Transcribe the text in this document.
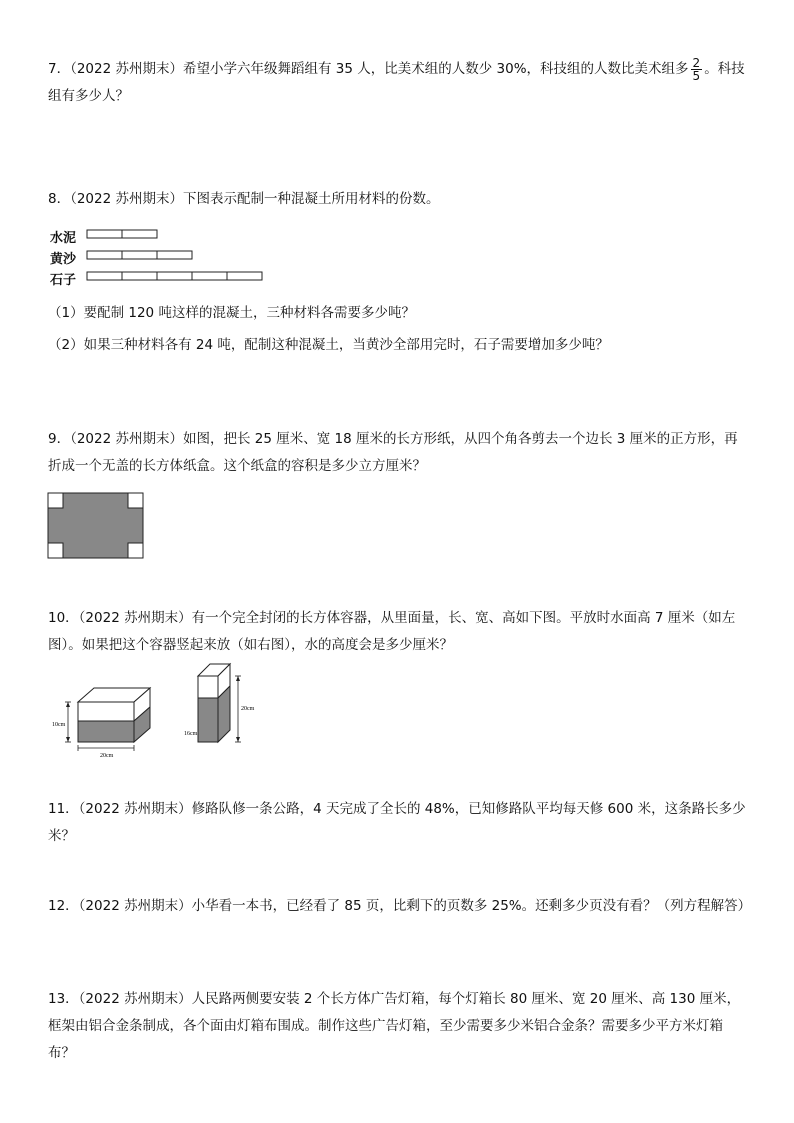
7．（2022 苏州期末）希望小学六年级舞蹈组有 35 人，比美术组的人数少 30%，科技组的人数比美术组多 $\frac{2}{5}$ 。科技组有多少人？
8．（2022 苏州期末）下图表示配制一种混凝土所用材料的份数。
水泥
黄沙
石子
（1）要配制 120 吨这样的混凝土，三种材料各需要多少吨？
（2）如果三种材料各有 24 吨，配制这种混凝土，当黄沙全部用完时，石子需要增加多少吨？
9．（2022 苏州期末）如图，把长 25 厘米、宽 18 厘米的长方形纸，从四个角各剪去一个边长 3 厘米的正方形，再折成一个无盖的长方体纸盒。这个纸盒的容积是多少立方厘米？
10．（2022 苏州期末）有一个完全封闭的长方体容器，从里面量，长、宽、高如下图。平放时水面高 7 厘米（如左图）。如果把这个容器竖起来放（如右图），水的高度会是多少厘米？
10cm
20cm
20cm
16cm
11．（2022 苏州期末）修路队修一条公路，4 天完成了全长的 48%，已知修路队平均每天修 600 米，这条路长多少米？
12．（2022 苏州期末）小华看一本书，已经看了 85 页，比剩下的页数多 25%。还剩多少页没有看？（列方程解答）
13．（2022 苏州期末）人民路两侧要安装 2 个长方体广告灯箱，每个灯箱长 80 厘米、宽 20 厘米、高 130 厘米，框架由铝合金条制成，各个面由灯箱布围成。制作这些广告灯箱，至少需要多少米铝合金条？需要多少平方米灯箱布？
